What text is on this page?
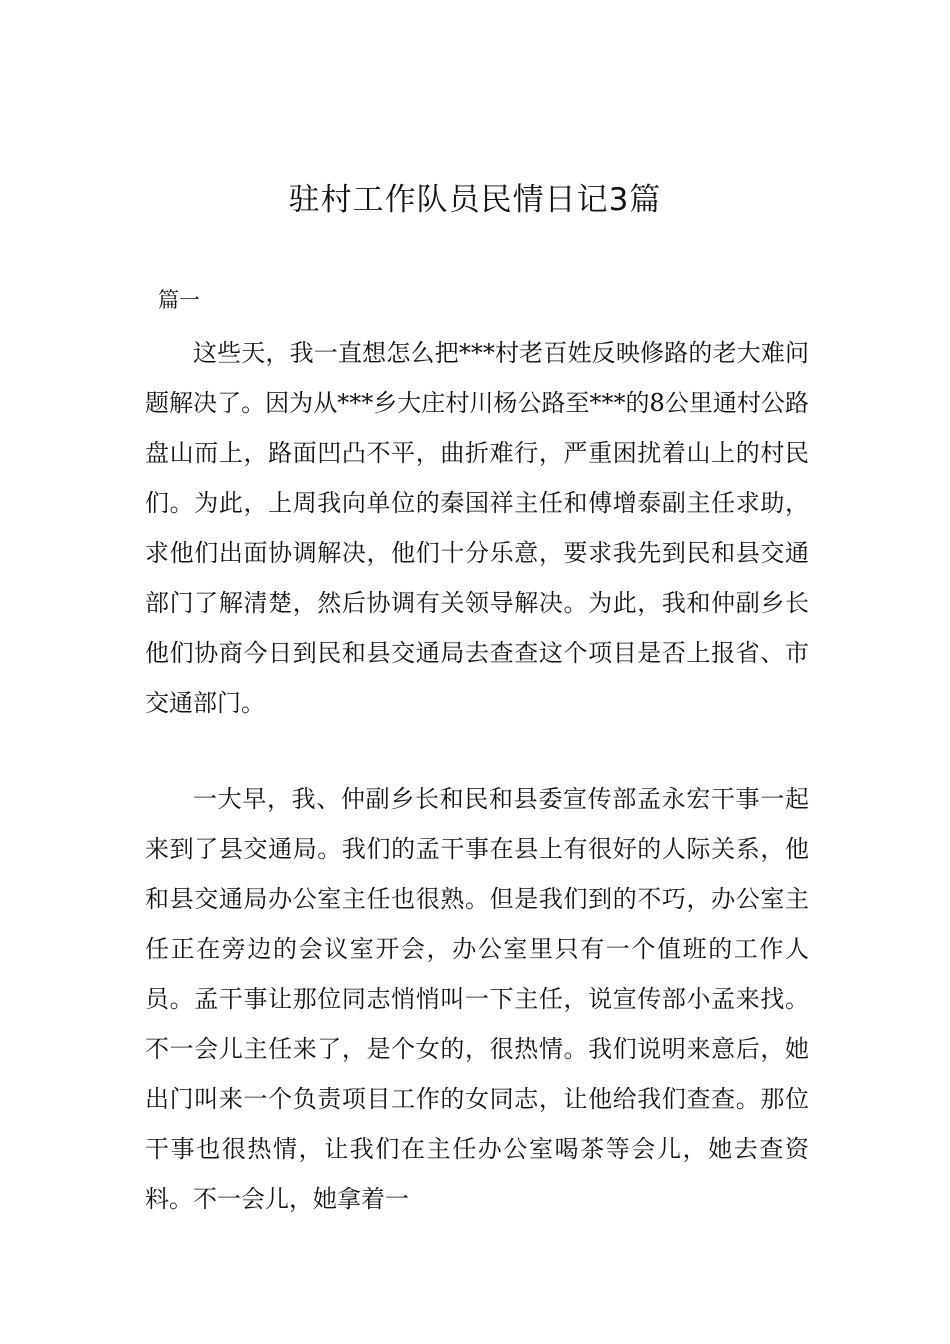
驻村工作队员民情日记3篇
篇一

这些天，我一直想怎么把***村老百姓反映修路的老大难问题解决了。因为从***乡大庄村川杨公路至***的8公里通村公路盘山而上，路面凹凸不平，曲折难行，严重困扰着山上的村民们。为此，上周我向单位的秦国祥主任和傅增泰副主任求助，求他们出面协调解决，他们十分乐意，要求我先到民和县交通部门了解清楚，然后协调有关领导解决。为此，我和仲副乡长他们协商今日到民和县交通局去查查这个项目是否上报省、市交通部门。

一大早，我、仲副乡长和民和县委宣传部孟永宏干事一起来到了县交通局。我们的孟干事在县上有很好的人际关系，他和县交通局办公室主任也很熟。但是我们到的不巧，办公室主任正在旁边的会议室开会，办公室里只有一个值班的工作人员。孟干事让那位同志悄悄叫一下主任，说宣传部小孟来找。不一会儿主任来了，是个女的，很热情。我们说明来意后，她出门叫来一个负责项目工作的女同志，让他给我们查查。那位干事也很热情，让我们在主任办公室喝茶等会儿，她去查资料。不一会儿，她拿着一
